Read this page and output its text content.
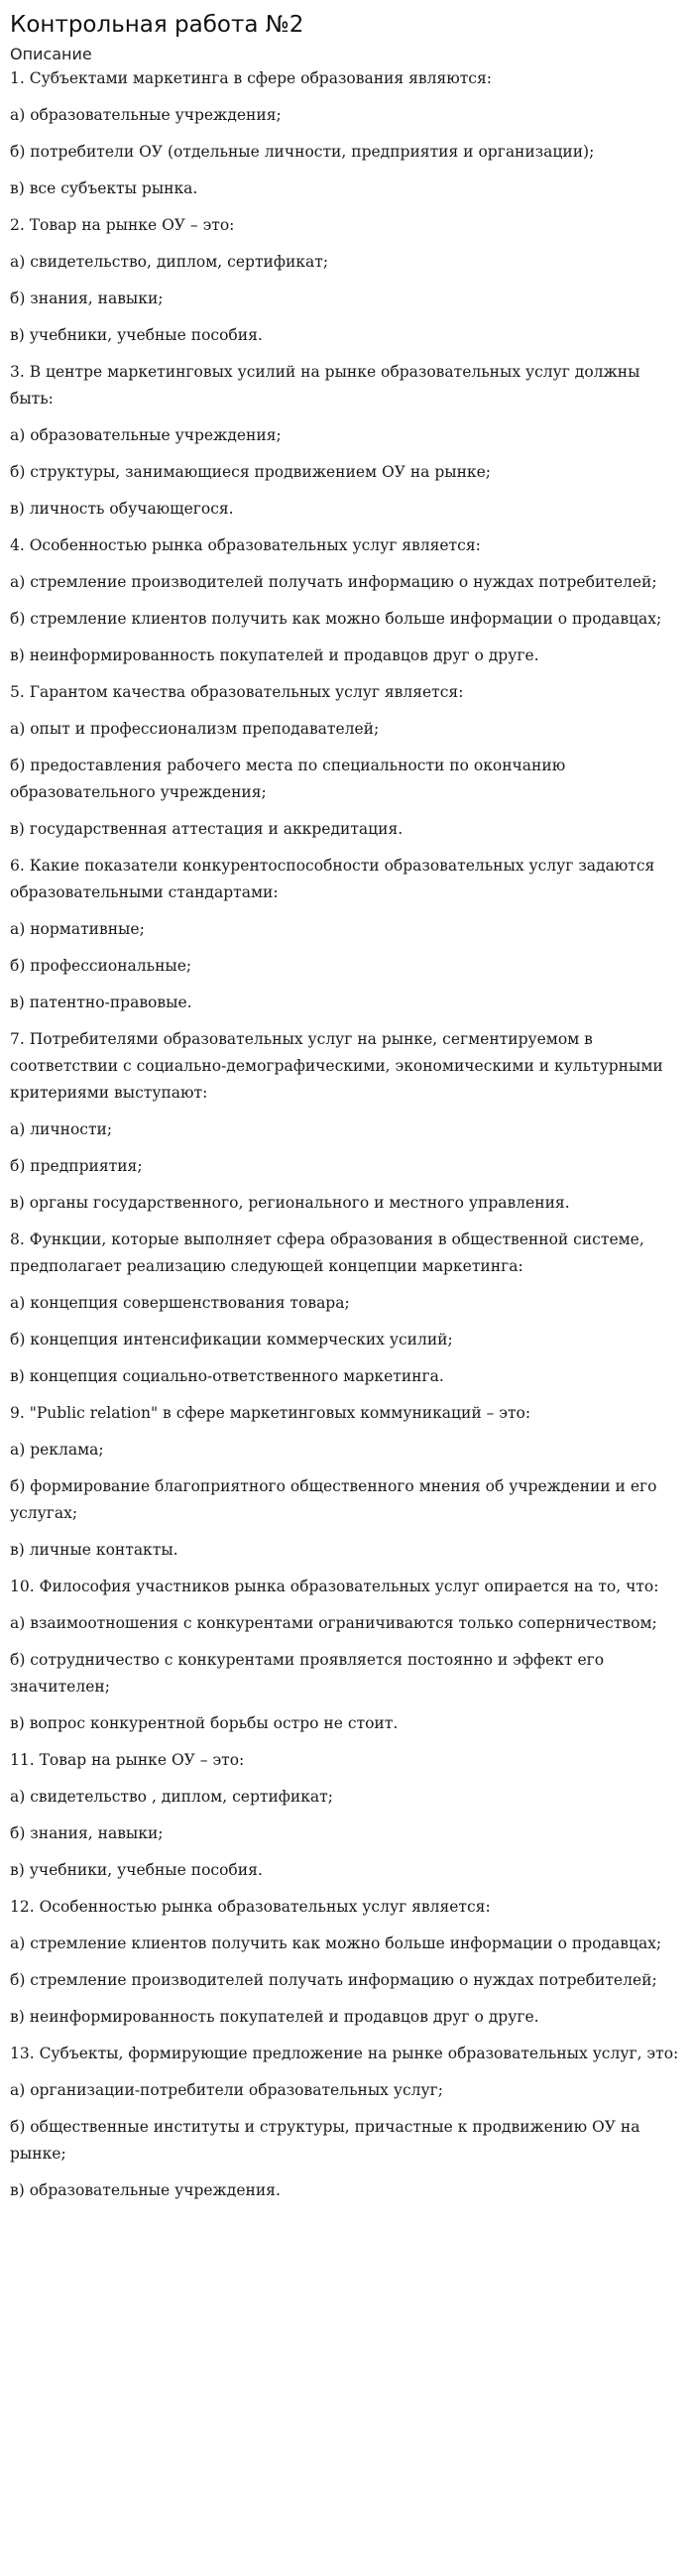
Контрольная работа №2
Описание

1. Субъектами маркетинга в сфере образования являются:

а) образовательные учреждения;

б) потребители ОУ (отдельные личности, предприятия и организации);

в) все субъекты рынка.

2. Товар на рынке ОУ – это:

а) свидетельство, диплом, сертификат;

б) знания, навыки;

в) учебники, учебные пособия.

3. В центре маркетинговых усилий на рынке образовательных услуг должны быть:

а) образовательные учреждения;

б) структуры, занимающиеся продвижением ОУ на рынке;

в) личность обучающегося.

4. Особенностью рынка образовательных услуг является:

а) стремление производителей получать информацию о нуждах потребителей;

б) стремление клиентов получить как можно больше информации о продавцах;

в) неинформированность покупателей и продавцов друг о друге.

5. Гарантом качества образовательных услуг является:

а) опыт и профессионализм преподавателей;

б) предоставления рабочего места по специальности по окончанию образовательного учреждения;

в) государственная аттестация и аккредитация.

6. Какие показатели конкурентоспособности образовательных услуг задаются образовательными стандартами:

а) нормативные;

б) профессиональные;

в) патентно-правовые.

7. Потребителями образовательных услуг на рынке, сегментируемом в соответствии с социально-демографическими, экономическими и культурными критериями выступают:

а) личности;

б) предприятия;

в) органы государственного, регионального и местного управления.

8. Функции, которые выполняет сфера образования в общественной системе, предполагает реализацию следующей концепции маркетинга:

а) концепция совершенствования товара;

б) концепция интенсификации коммерческих усилий;

в) концепция социально-ответственного маркетинга.

9. "Public relation" в сфере маркетинговых коммуникаций – это:

а) реклама;

б) формирование благоприятного общественного мнения об учреждении и его услугах;

в) личные контакты.

10. Философия участников рынка образовательных услуг опирается на то, что:

а) взаимоотношения с конкурентами ограничиваются только соперничеством;

б) сотрудничество с конкурентами проявляется постоянно и эффект его значителен;

в) вопрос конкурентной борьбы остро не стоит.

11. Товар на рынке ОУ – это:

а) свидетельство , диплом, сертификат;

б) знания, навыки;

в) учебники, учебные пособия.

12. Особенностью рынка образовательных услуг является:

а) стремление клиентов получить как можно больше информации о продавцах;

б) стремление производителей получать информацию о нуждах потребителей;

в) неинформированность покупателей и продавцов друг о друге.

13. Субъекты, формирующие предложение на рынке образовательных услуг, это:

а) организации-потребители образовательных услуг;

б) общественные институты и структуры, причастные к продвижению ОУ на рынке;

в) образовательные учреждения.
